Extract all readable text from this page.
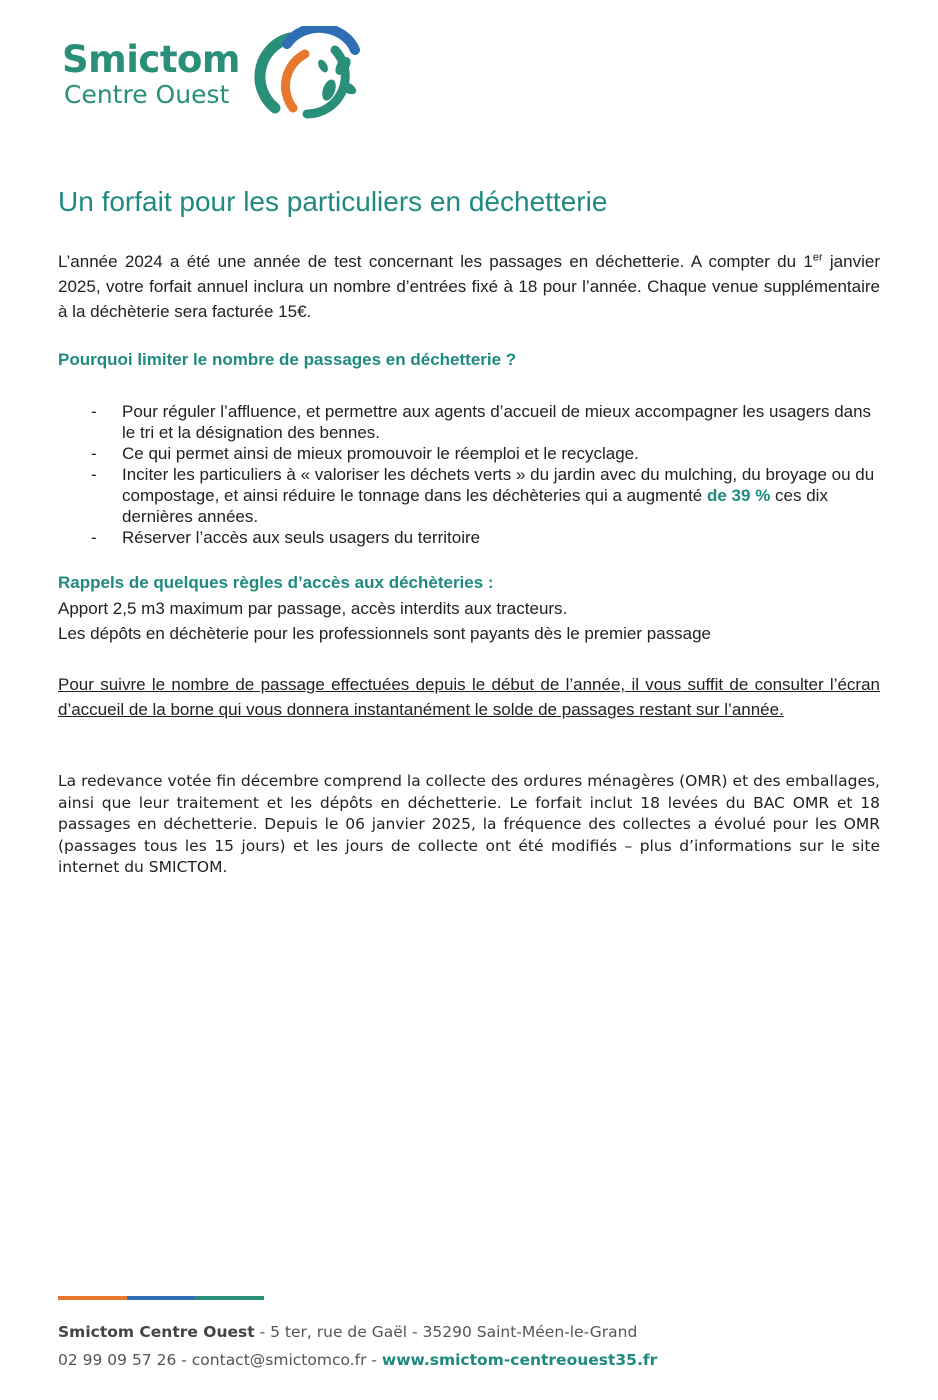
Smictom
Centre Ouest
Un forfait pour les particuliers en déchetterie

L’année 2024 a été une année de test concernant les passages en déchetterie. A compter du 1er janvier 2025, votre forfait annuel inclura un nombre d’entrées fixé à 18 pour l’année. Chaque venue supplémentaire à la déchèterie sera facturée 15€.

Pourquoi limiter le nombre de passages en déchetterie ?
- Pour réguler l’affluence, et permettre aux agents d’accueil de mieux accompagner les usagers dans le tri et la désignation des bennes.
- Ce qui permet ainsi de mieux promouvoir le réemploi et le recyclage.
- Inciter les particuliers à « valoriser les déchets verts » du jardin avec du mulching, du broyage ou du compostage, et ainsi réduire le tonnage dans les déchèteries qui a augmenté de 39 % ces dix dernières années.
- Réserver l’accès aux seuls usagers du territoire
Rappels de quelques règles d’accès aux déchèteries :
Apport 2,5 m3 maximum par passage, accès interdits aux tracteurs.
Les dépôts en déchèterie pour les professionnels sont payants dès le premier passage

Pour suivre le nombre de passage effectuées depuis le début de l’année, il vous suffit de consulter l’écran d’accueil de la borne qui vous donnera instantanément le solde de passages restant sur l’année.

La redevance votée fin décembre comprend la collecte des ordures ménagères (OMR) et des emballages, ainsi que leur traitement et les dépôts en déchetterie. Le forfait inclut 18 levées du BAC OMR et 18 passages en déchetterie. Depuis le 06 janvier 2025, la fréquence des collectes a évolué pour les OMR (passages tous les 15 jours) et les jours de collecte ont été modifiés – plus d’informations sur le site internet du SMICTOM.

Smictom Centre Ouest - 5 ter, rue de Gaël - 35290 Saint-Méen-le-Grand
02 99 09 57 26 - contact@smictomco.fr - www.smictom-centreouest35.fr
